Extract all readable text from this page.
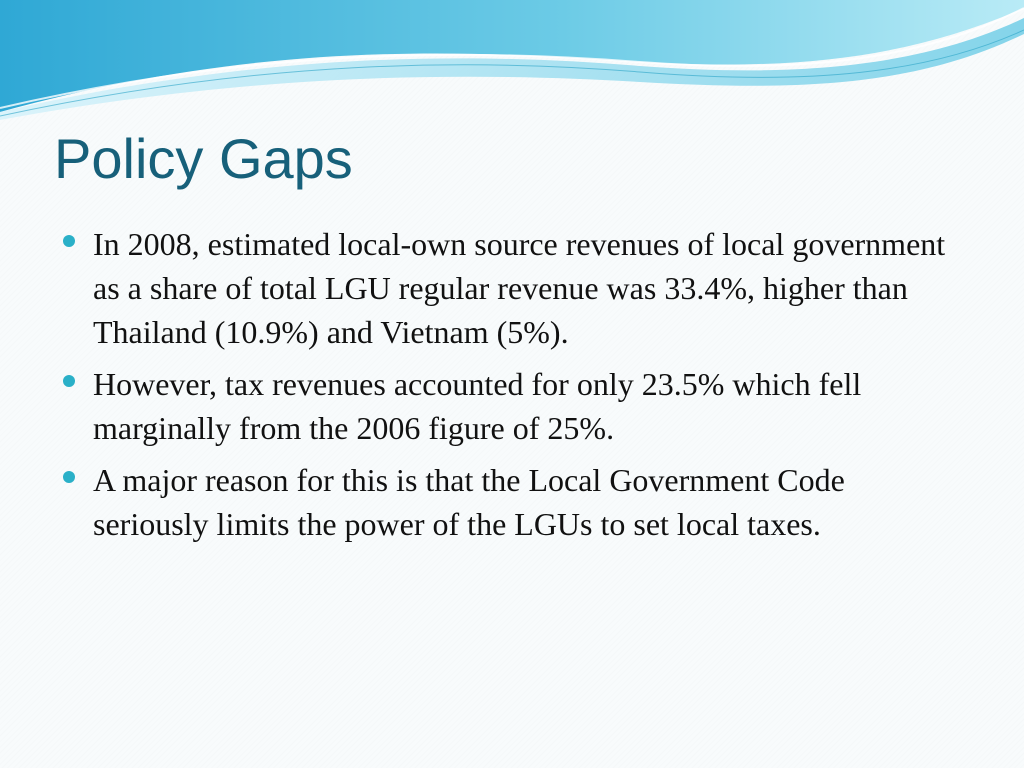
Policy Gaps
In 2008, estimated local-own source revenues of local government as a share of total LGU regular revenue was 33.4%, higher than Thailand (10.9%) and Vietnam (5%).
However, tax revenues accounted for only 23.5% which fell marginally from the 2006 figure of 25%.
A major reason for this is that the Local Government Code seriously limits the power of the LGUs to set local taxes.
